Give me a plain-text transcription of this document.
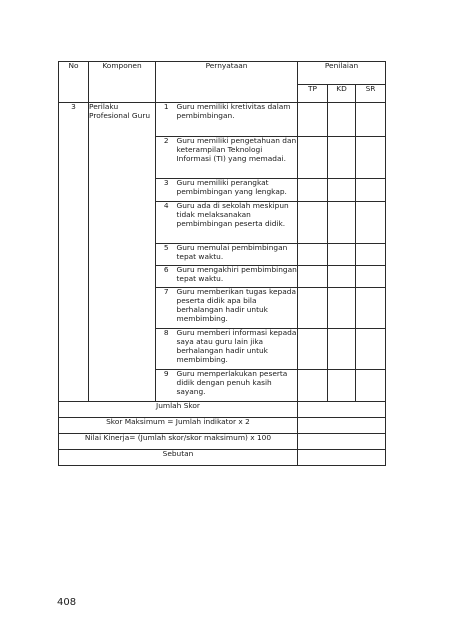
No	Komponen	Pernyataan		Penilaian		
				TP	KD	SR
3	Perilaku Profesional Guru	1	Guru memiliki kretivitas dalam pembimbingan.			
		2	Guru memiliki pengetahuan dan keterampilan Teknologi Informasi (TI) yang memadai.			
		3	Guru memiliki perangkat pembimbingan yang lengkap.			
		4	Guru ada di sekolah meskipun tidak melaksanakan pembimbingan peserta didik.			
		5	Guru memulai pembimbingan tepat waktu.			
		6	Guru mengakhiri pembimbingan tepat waktu.			
		7	Guru memberikan tugas kepada peserta didik apa bila berhalangan hadir untuk membimbing.			
		8	Guru memberi informasi kepada saya atau guru lain jika berhalangan hadir untuk membimbing.			
		9	Guru memperlakukan peserta didik dengan penuh kasih sayang.			
Jumlah Skor						
Skor Maksimum = Jumlah indikator x 2						
Nilai Kinerja= (Jumlah skor/skor maksimum) x 100						
Sebutan						
408
